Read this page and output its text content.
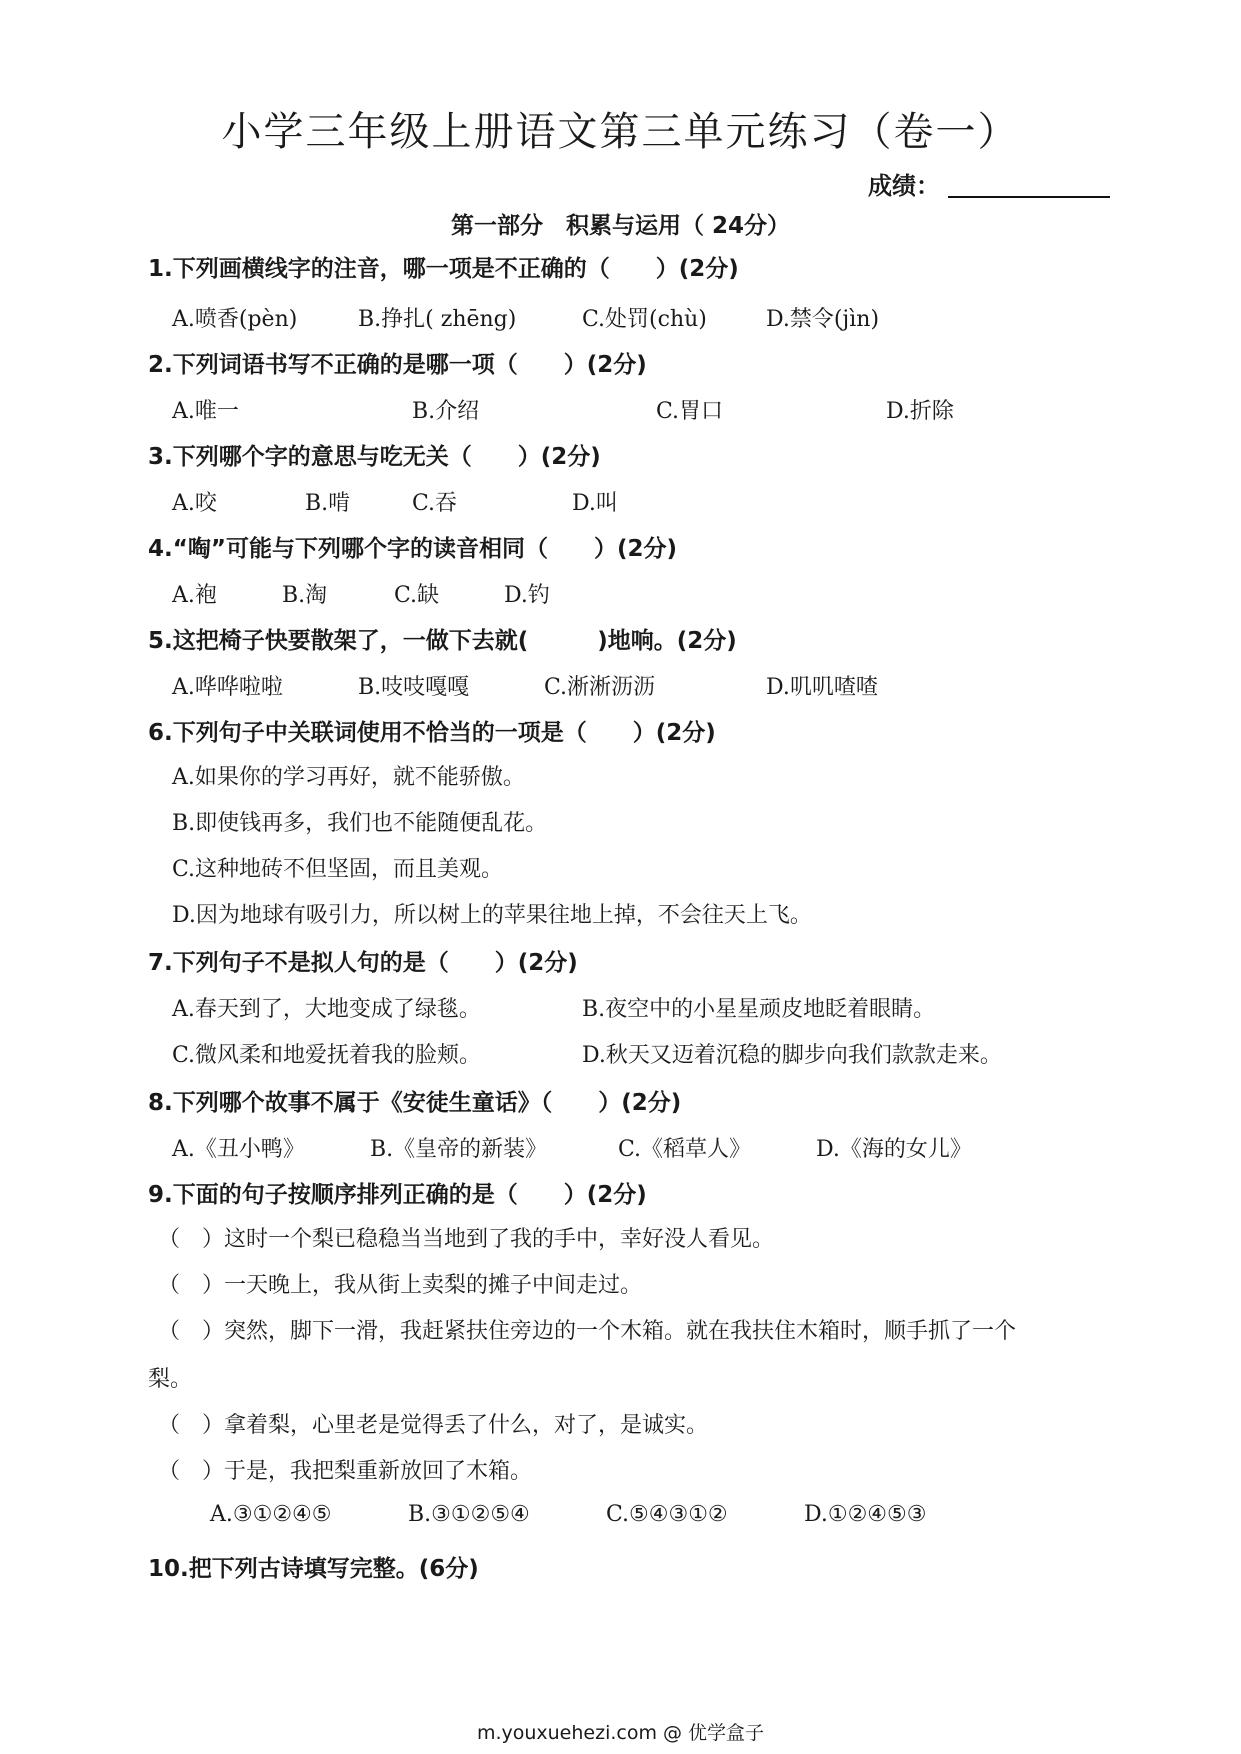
小学三年级上册语文第三单元练习（卷一）
成绩：
第一部分　积累与运用（ 24分）
1.下列画横线字的注音，哪一项是不正确的（　　）(2分)
A.喷香(pèn)	B.挣扎( zhēng)	C.处罚(chù)	D.禁令(jìn)
2.下列词语书写不正确的是哪一项（　　）(2分)
A.唯一	B.介绍	C.胃口	D.折除
3.下列哪个字的意思与吃无关（　　）(2分)
A.咬	B.啃	C.吞	D.叫
4.“啕”可能与下列哪个字的读音相同（　　）(2分)
A.袍	B.淘	C.缺	D.钓
5.这把椅子快要散架了，一做下去就(　　　)地响。(2分)
A.哗哗啦啦	B.吱吱嘎嘎	C.淅淅沥沥	D.叽叽喳喳
6.下列句子中关联词使用不恰当的一项是（　　）(2分)
A.如果你的学习再好，就不能骄傲。
B.即使钱再多，我们也不能随便乱花。
C.这种地砖不但坚固，而且美观。
D.因为地球有吸引力，所以树上的苹果往地上掉，不会往天上飞。
7.下列句子不是拟人句的是（　　）(2分)
A.春天到了，大地变成了绿毯。	B.夜空中的小星星顽皮地眨着眼睛。
C.微风柔和地爱抚着我的脸颊。	D.秋天又迈着沉稳的脚步向我们款款走来。
8.下列哪个故事不属于《安徒生童话》（　　）(2分)
A.《丑小鸭》	B.《皇帝的新装》	C.《稻草人》	D.《海的女儿》
9.下面的句子按顺序排列正确的是（　　）(2分)
（　）这时一个梨已稳稳当当地到了我的手中，幸好没人看见。
（　）一天晚上，我从街上卖梨的摊子中间走过。
（　）突然，脚下一滑，我赶紧扶住旁边的一个木箱。就在我扶住木箱时，顺手抓了一个
梨。
（　）拿着梨，心里老是觉得丢了什么，对了，是诚实。
（　）于是，我把梨重新放回了木箱。
A.③①②④⑤	B.③①②⑤④	C.⑤④③①②	D.①②④⑤③
10.把下列古诗填写完整。(6分)
m.youxuehezi.com @ 优学盒子
